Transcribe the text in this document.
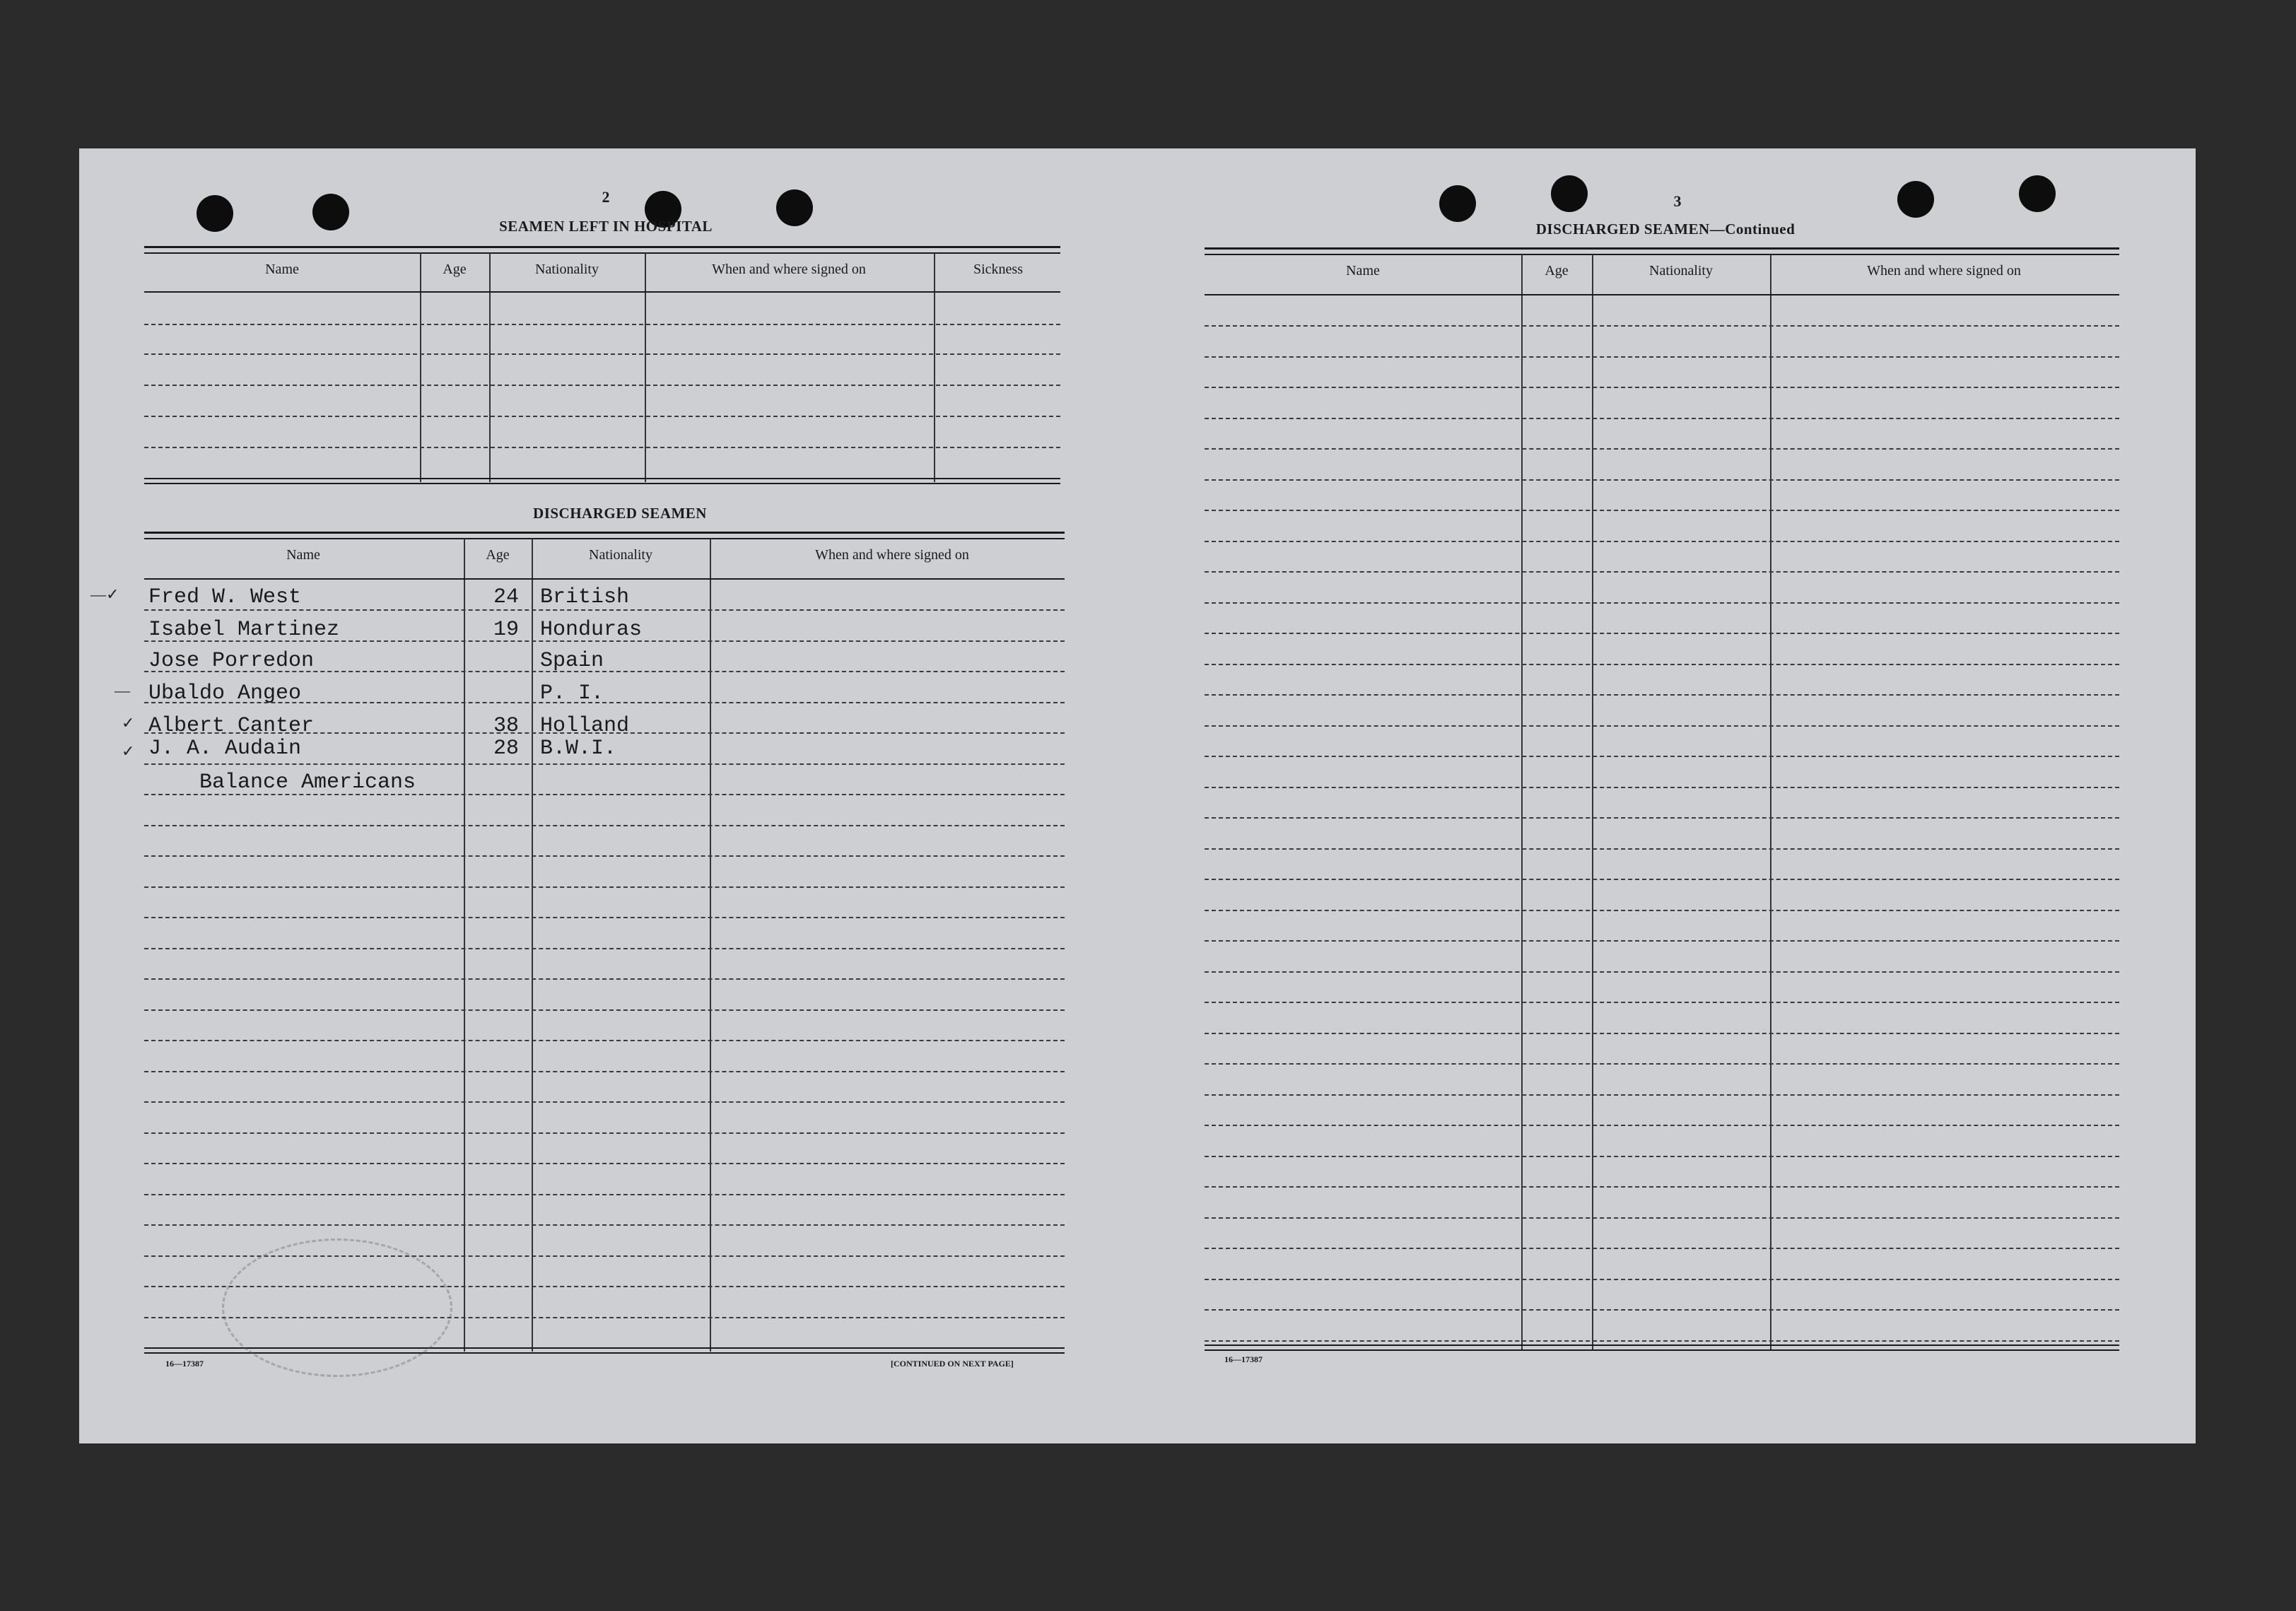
2
SEAMEN LEFT IN HOSPITAL
Name	Age	Nationality	When and where signed on	Sickness
DISCHARGED SEAMEN
Name	Age	Nationality	When and where signed on
Fred W. West	24 British
Isabel Martinez	19 Honduras
Jose Porredon	Spain
Ubaldo Angeo	P. I.
Albert Canter	38 Holland
J. A. Audain	28 B.W.I.
Balance Americans
—✓
—
✓
✓
16—17387	[CONTINUED ON NEXT PAGE]
3
DISCHARGED SEAMEN—Continued
Name	Age	Nationality	When and where signed on
16—17387
